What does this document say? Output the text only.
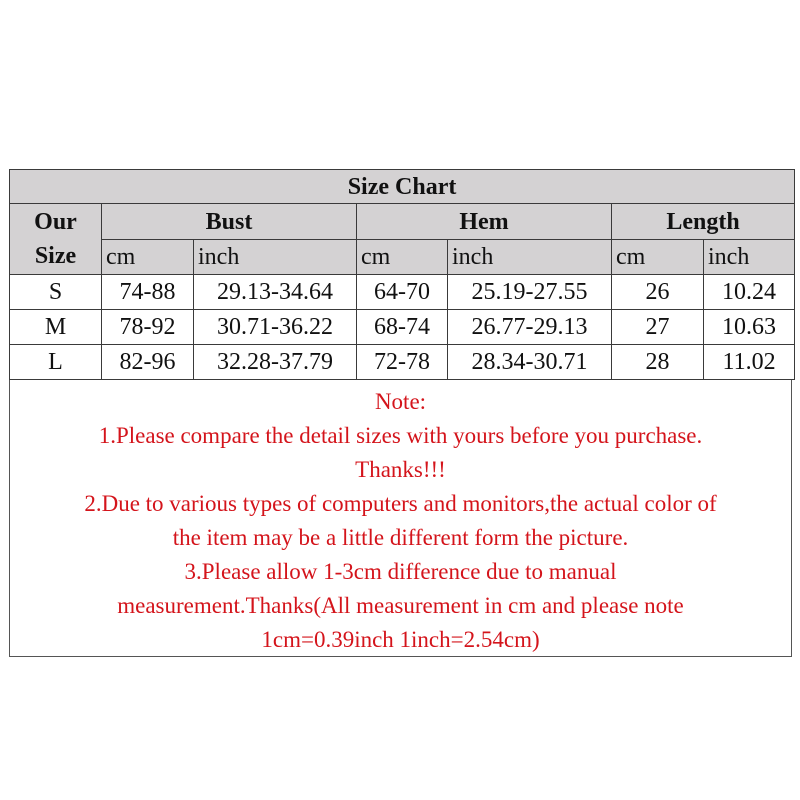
Size Chart						
Our
Size	Bust		Hem		Length	
	cm	inch	cm	inch	cm	inch
S	74-88	29.13-34.64	64-70	25.19-27.55	26	10.24
M	78-92	30.71-36.22	68-74	26.77-29.13	27	10.63
L	82-96	32.28-37.79	72-78	28.34-30.71	28	11.02
Note:
1.Please compare the detail sizes with yours before you purchase.
Thanks!!!
2.Due to various types of computers and monitors,the actual color of
the item may be a little different form the picture.
3.Please allow 1-3cm difference due to manual
measurement.Thanks(All measurement in cm and please note
1cm=0.39inch 1inch=2.54cm)
